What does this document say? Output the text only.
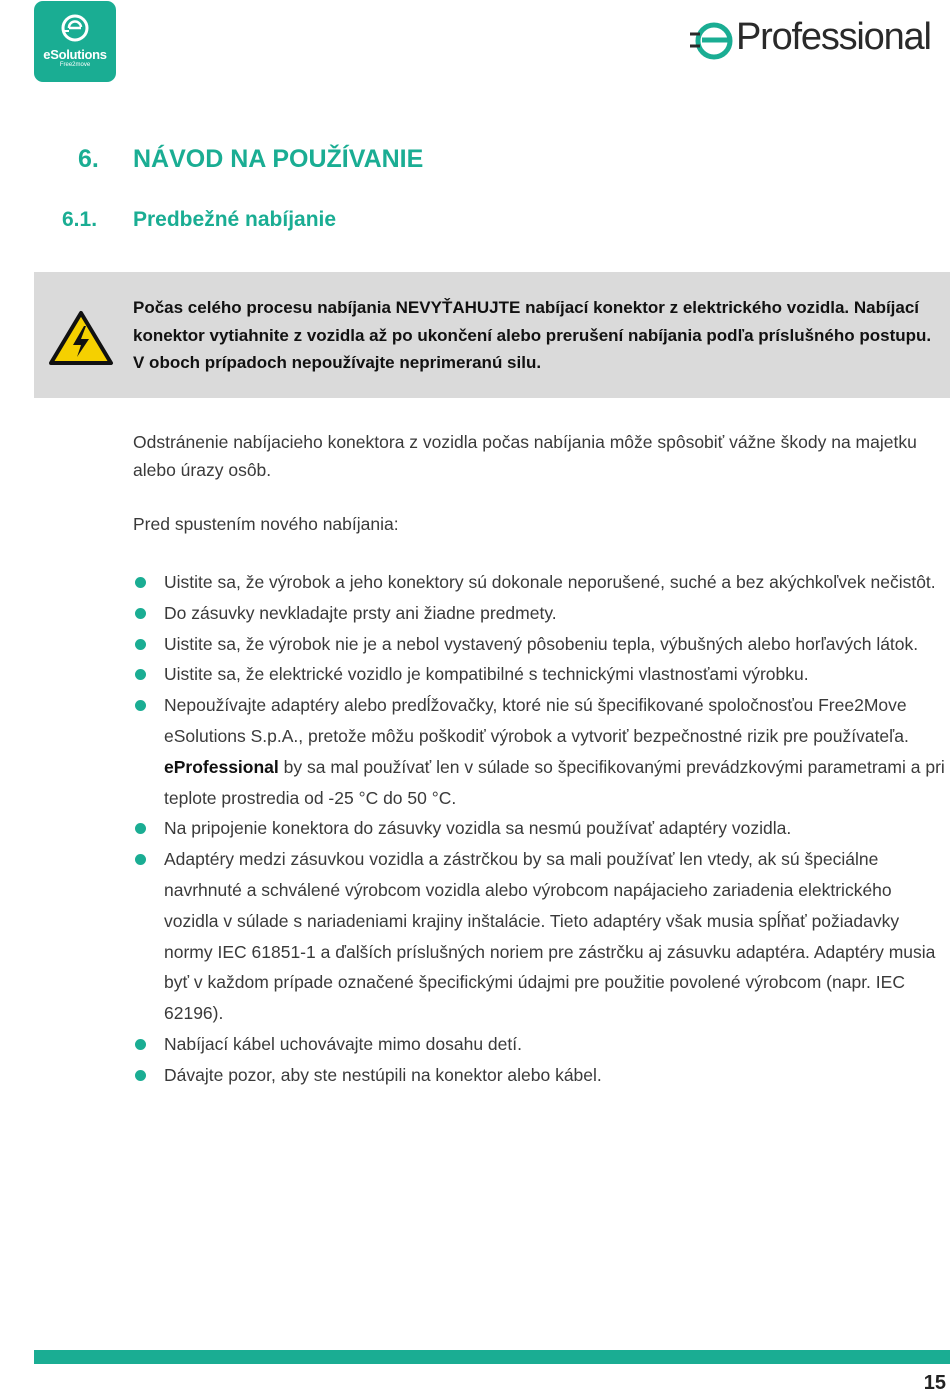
eSolutions
Free2move
Professional
6. NÁVOD NA POUŽÍVANIE
6.1. Predbežné nabíjanie
Počas celého procesu nabíjania NEVYŤAHUJTE nabíjací konektor z elektrického vozidla. Nabíjací konektor vytiahnite z vozidla až po ukončení alebo prerušení nabíjania podľa príslušného postupu. V oboch prípadoch nepoužívajte neprimeranú silu.
Odstránenie nabíjacieho konektora z vozidla počas nabíjania môže spôsobiť vážne škody na majetku alebo úrazy osôb.
Pred spustením nového nabíjania:
Uistite sa, že výrobok a jeho konektory sú dokonale neporušené, suché a bez akýchkoľvek nečistôt.
Do zásuvky nevkladajte prsty ani žiadne predmety.
Uistite sa, že výrobok nie je a nebol vystavený pôsobeniu tepla, výbušných alebo horľavých látok.
Uistite sa, že elektrické vozidlo je kompatibilné s technickými vlastnosťami výrobku.
Nepoužívajte adaptéry alebo predĺžovačky, ktoré nie sú špecifikované spoločnosťou Free2Move eSolutions S.p.A., pretože môžu poškodiť výrobok a vytvoriť bezpečnostné rizik pre používateľa. eProfessional by sa mal používať len v súlade so špecifikovanými prevádzkovými parametrami a pri teplote prostredia od -25 °C do 50 °C.
Na pripojenie konektora do zásuvky vozidla sa nesmú používať adaptéry vozidla.
Adaptéry medzi zásuvkou vozidla a zástrčkou by sa mali používať len vtedy, ak sú špeciálne navrhnuté a schválené výrobcom vozidla alebo výrobcom napájacieho zariadenia elektrického vozidla v súlade s nariadeniami krajiny inštalácie. Tieto adaptéry však musia spĺňať požiadavky normy IEC 61851-1 a ďalších príslušných noriem pre zástrčku aj zásuvku adaptéra. Adaptéry musia byť v každom prípade označené špecifickými údajmi pre použitie povolené výrobcom (napr. IEC 62196).
Nabíjací kábel uchovávajte mimo dosahu detí.
Dávajte pozor, aby ste nestúpili na konektor alebo kábel.
15
